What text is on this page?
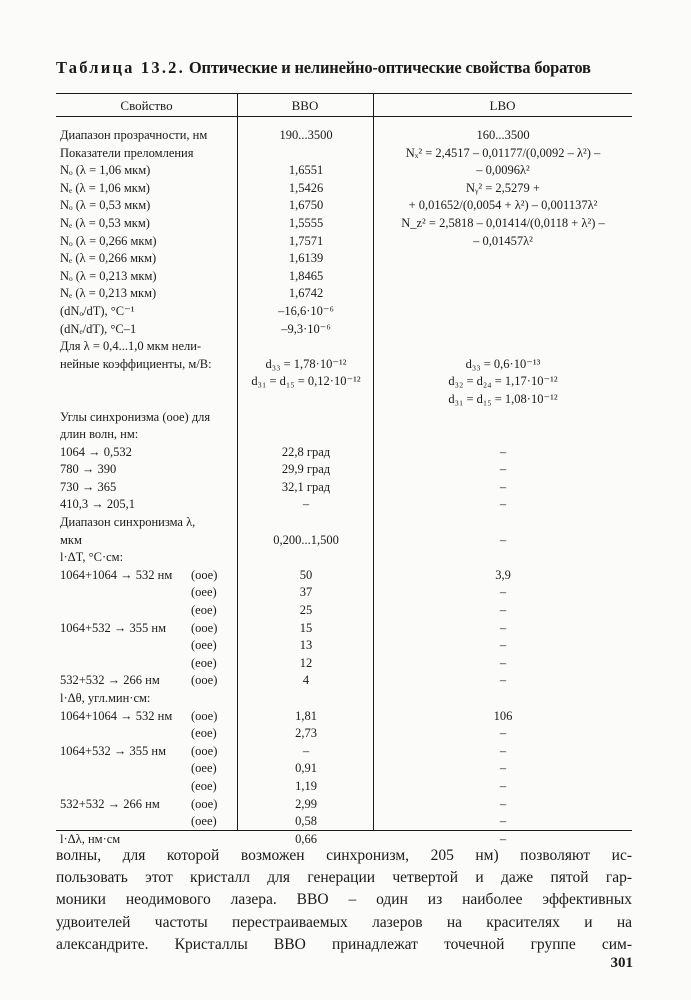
Таблица 13.2. Оптические и нелинейно-оптические свойства боратов
Свойство	BBO	LBO
Диапазон прозрачности, нм
Показатели преломления
Nₒ (λ = 1,06 мкм)
Nₑ (λ = 1,06 мкм)
Nₒ (λ = 0,53 мкм)
Nₑ (λ = 0,53 мкм)
Nₒ (λ = 0,266 мкм)
Nₑ (λ = 0,266 мкм)
Nₒ (λ = 0,213 мкм)
Nₑ (λ = 0,213 мкм)
(dNₒ/dT), °C⁻¹
(dNₑ/dT), °C–1
Для λ = 0,4...1,0 мкм нели-
нейные коэффициенты, м/В:
Углы синхронизма (ooe) для
длин волн, нм:
1064 → 0,532
780 → 390
730 → 365
410,3 → 205,1
Диапазон синхронизма λ,
мкм
l·ΔT, °C·см:
1064+1064 → 532 нм (ooe)
(oee)
(eoe)
1064+532 → 355 нм (ooe)
(oee)
(eoe)
532+532 → 266 нм (ooe)
l·Δθ, угл.мин·см:
1064+1064 → 532 нм (ooe)
(eoe)
1064+532 → 355 нм (ooe)
(oee)
(eoe)
532+532 → 266 нм (ooe)
(oee)
l·Δλ, нм·см
190...3500
1,6551
1,5426
1,6750
1,5555
1,7571
1,6139
1,8465
1,6742
–16,6·10⁻⁶
–9,3·10⁻⁶
d₃₃ = 1,78·10⁻¹²
d₃₁ = d₁₅ = 0,12·10⁻¹²
22,8 град
29,9 град
32,1 град
–
0,200...1,500
50
37
25
15
13
12
4
1,81
2,73
–
0,91
1,19
2,99
0,58
0,66
160...3500
Nₓ² = 2,4517 – 0,01177/(0,0092 – λ²) –
– 0,0096λ²
Nᵧ² = 2,5279 +
+ 0,01652/(0,0054 + λ²) – 0,001137λ²
N_z² = 2,5818 – 0,01414/(0,0118 + λ²) –
– 0,01457λ²
d₃₃ = 0,6·10⁻¹³
d₃₂ = d₂₄ = 1,17·10⁻¹²
d₃₁ = d₁₅ = 1,08·10⁻¹²
–
–
–
–
–
3,9
–
–
–
–
–
–
106
–
–
–
–
–
–
–
волны, для которой возможен синхронизм, 205 нм) позволяют ис-
пользовать этот кристалл для генерации четвертой и даже пятой гар-
моники неодимового лазера. BBO – один из наиболее эффективных
удвоителей частоты перестраиваемых лазеров на красителях и на
александрите. Кристаллы BBO принадлежат точечной группе сим-
301
